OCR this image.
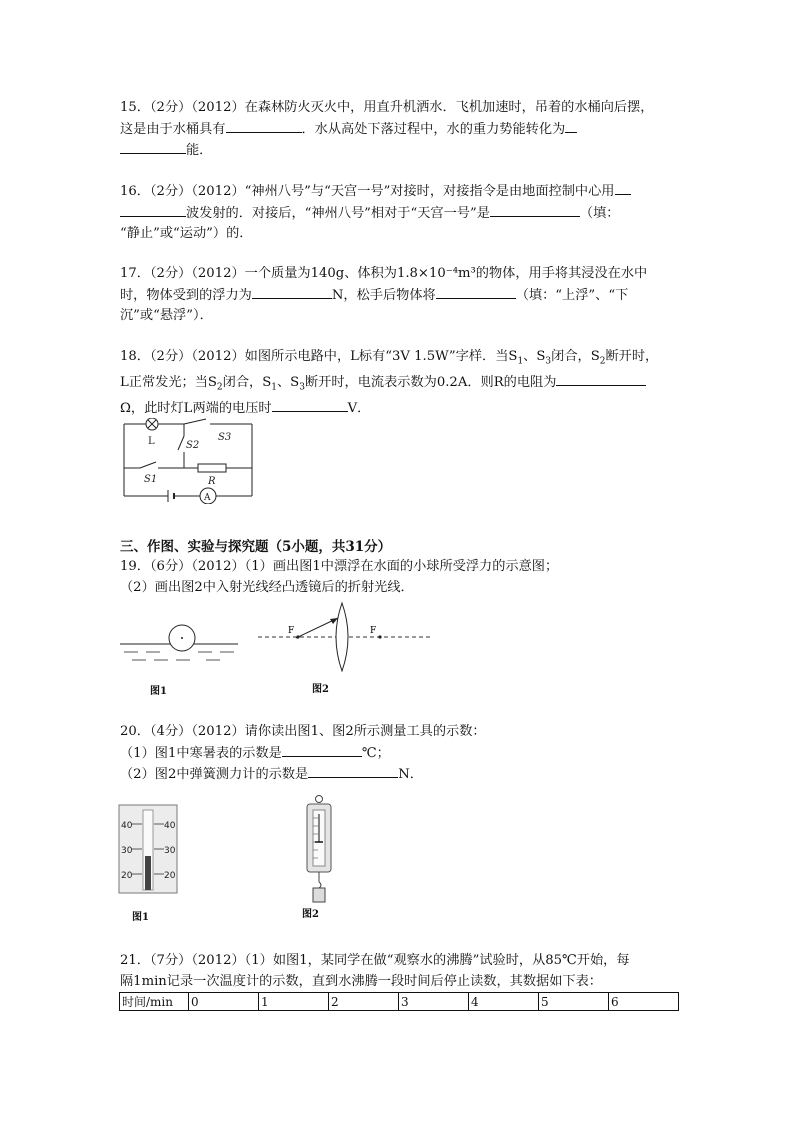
15．（2分）（2012）在森林防火灭火中，用直升机洒水．飞机加速时，吊着的水桶向后摆，

这是由于水桶具有	．水从高处下落过程中，水的重力势能转化为

能．

16．（2分）（2012）“神州八号”与“天宫一号”对接时，对接指令是由地面控制中心用

波发射的．对接后，“神州八号”相对于“天宫一号”是	（填：

“静止”或“运动”）的．

17．（2分）（2012）一个质量为140g、体积为1.8×10⁻⁴m³的物体，用手将其浸没在水中

时，物体受到的浮力为	N，松手后物体将	（填：“上浮”、“下

沉”或“悬浮”）．

18．（2分）（2012）如图所示电路中，L标有“3V 1.5W”字样．当$S_1$、$S_3$闭合，$S_2$断开时，

L正常发光；当$S_2$闭合，$S_1$、$S_3$断开时，电流表示数为0.2A．则R的电阻为

Ω，此时灯L两端的电压时	V．

L	S2
S3
S1	R
A
三、作图、实验与探究题（5小题，共31分）

19．（6分）（2012）（1）画出图1中漂浮在水面的小球所受浮力的示意图；

（2）画出图2中入射光线经凸透镜后的折射光线．

图1
F	F
图2

20．（4分）（2012）请你读出图1、图2所示测量工具的示数：

（1）图1中寒暑表的示数是	℃；

（2）图2中弹簧测力计的示数是	N．

40	40
30	30
20	20
图1	图2

21．（7分）（2012）（1）如图1，某同学在做“观察水的沸腾”试验时，从85℃开始，每

隔1min记录一次温度计的示数，直到水沸腾一段时间后停止读数，其数据如下表：

时间/min	0	1	2	3	4	5	6
